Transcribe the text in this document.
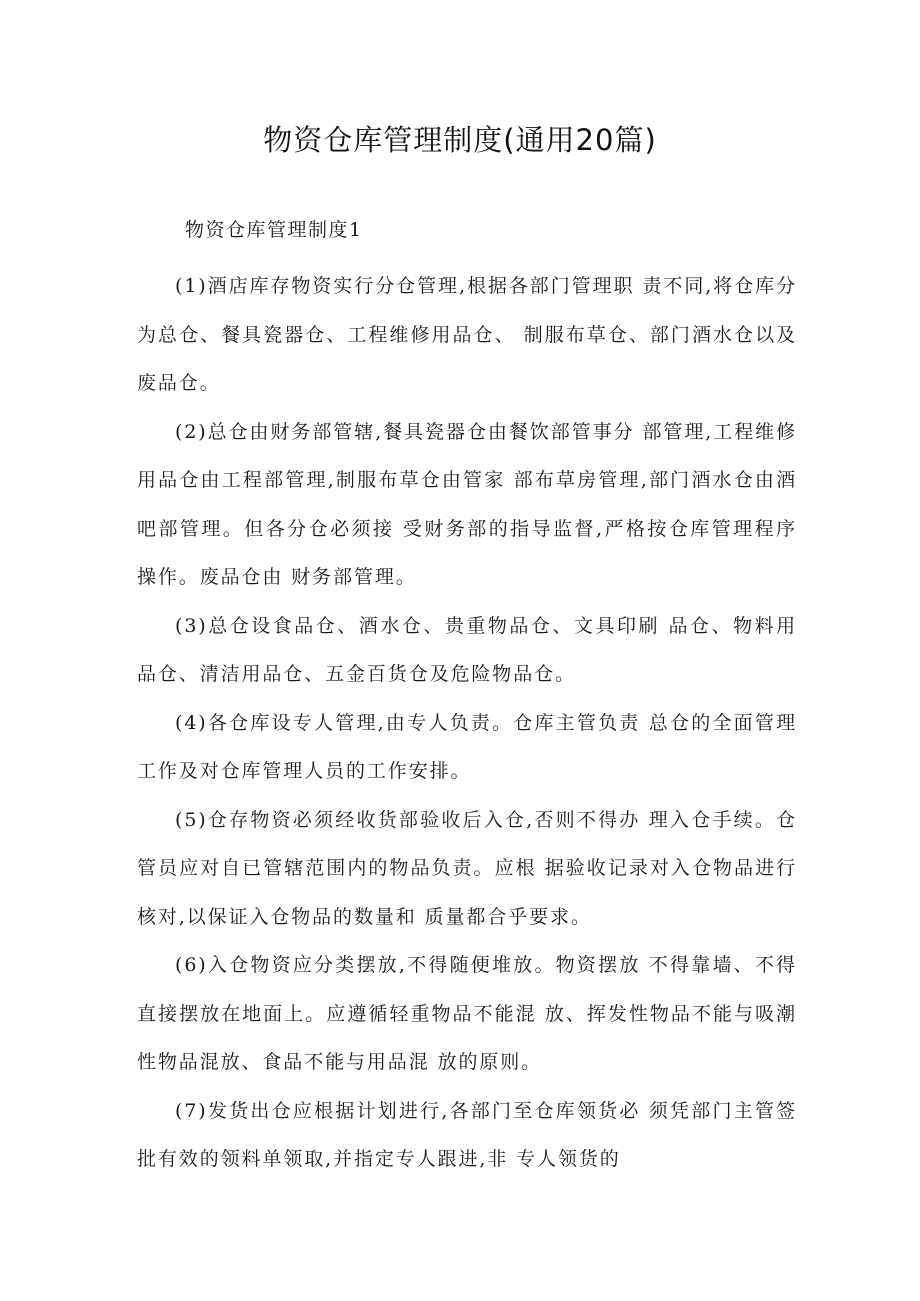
物资仓库管理制度(通用20篇)
物资仓库管理制度1

(1)酒店库存物资实行分仓管理,根据各部门管理职 责不同,将仓库分为总仓、餐具瓷器仓、工程维修用品仓、 制服布草仓、部门酒水仓以及废品仓。

(2)总仓由财务部管辖,餐具瓷器仓由餐饮部管事分 部管理,工程维修用品仓由工程部管理,制服布草仓由管家 部布草房管理,部门酒水仓由酒吧部管理。但各分仓必须接 受财务部的指导监督,严格按仓库管理程序操作。废品仓由 财务部管理。

(3)总仓设食品仓、酒水仓、贵重物品仓、文具印刷 品仓、物料用品仓、清洁用品仓、五金百货仓及危险物品仓。

(4)各仓库设专人管理,由专人负责。仓库主管负责 总仓的全面管理工作及对仓库管理人员的工作安排。

(5)仓存物资必须经收货部验收后入仓,否则不得办 理入仓手续。仓管员应对自已管辖范围内的物品负责。应根 据验收记录对入仓物品进行核对,以保证入仓物品的数量和 质量都合乎要求。

(6)入仓物资应分类摆放,不得随便堆放。物资摆放 不得靠墙、不得直接摆放在地面上。应遵循轻重物品不能混 放、挥发性物品不能与吸潮性物品混放、食品不能与用品混 放的原则。

(7)发货出仓应根据计划进行,各部门至仓库领货必 须凭部门主管签批有效的领料单领取,并指定专人跟进,非 专人领货的
